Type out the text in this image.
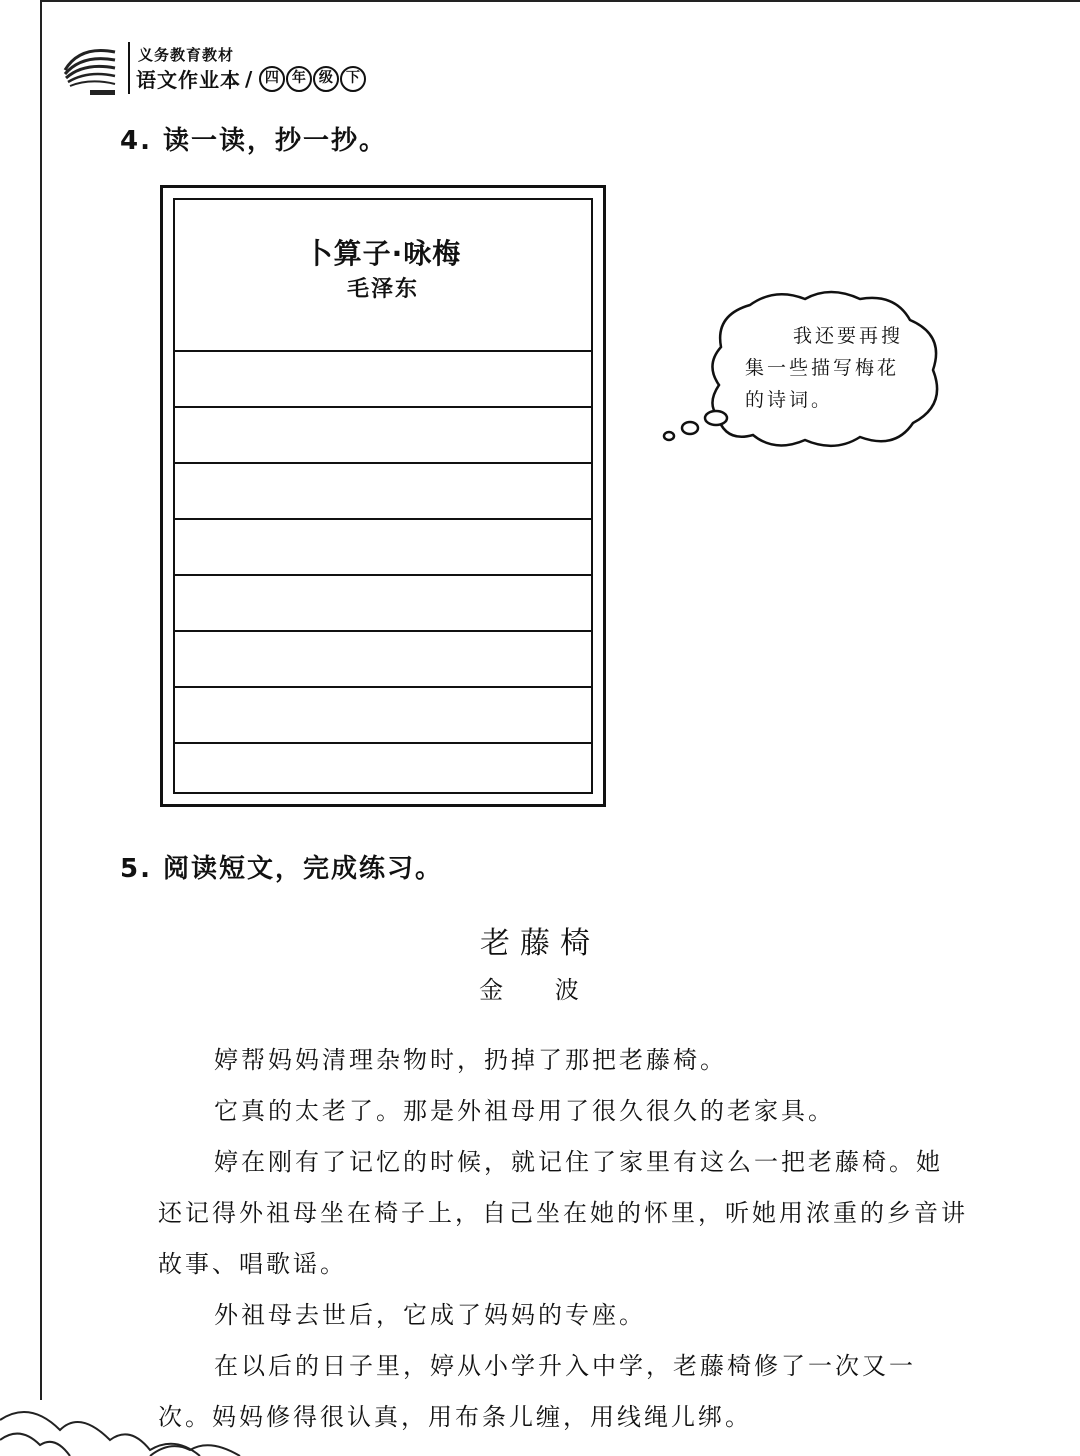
义务教育教材
语文作业本 / 四 年 级 下
4. 读一读，抄一抄。
卜算子·咏梅
毛泽东
我还要再搜
集一些描写梅花
的诗词。
5. 阅读短文，完成练习。
老藤椅
金 波

婷帮妈妈清理杂物时，扔掉了那把老藤椅。

它真的太老了。那是外祖母用了很久很久的老家具。

婷在刚有了记忆的时候，就记住了家里有这么一把老藤椅。她还记得外祖母坐在椅子上，自己坐在她的怀里，听她用浓重的乡音讲故事、唱歌谣。

外祖母去世后，它成了妈妈的专座。

在以后的日子里，婷从小学升入中学，老藤椅修了一次又一次。妈妈修得很认真，用布条儿缠，用线绳儿绑。
